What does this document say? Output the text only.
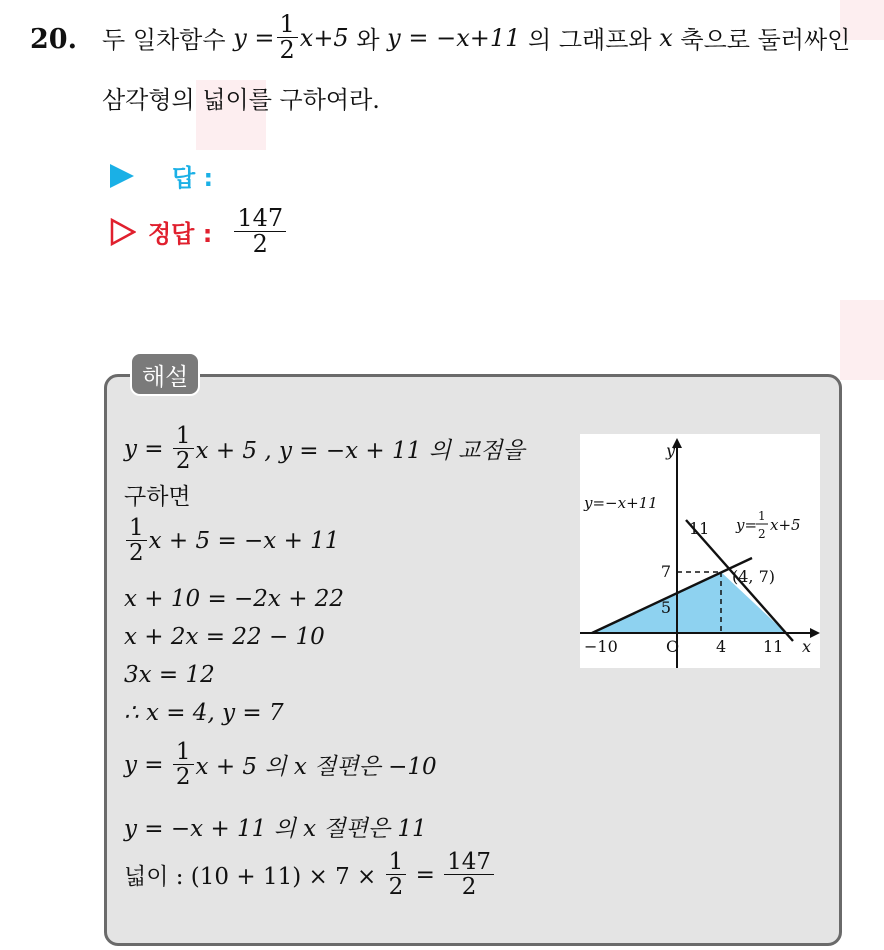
20. 두 일차함수
$y = \frac{1}{2} x+5$
와
y = −x+11
의 그래프와
x
축으로 둘러싸인
삼각형의 넓이를 구하여라.
답 :
정답 : $\frac{147}{2}$
해설
y =
$\frac{1}{2}$ x + 5 , y = −x + 11 의 교점을
구하면
$\frac{1}{2}$ x + 5 = −x + 11
x + 10 = −2x + 22
x + 2x = 22 − 10
3x = 12
∴ x = 4, y = 7
y =
$\frac{1}{2}$ x + 5 의 x 절편은 −10
y = −x + 11 의 x 절편은 11
넓이 : (10 + 11) × 7 ×
$\frac{1}{2}$
=
$\frac{147}{2}$
y
x
O
y=−x+11
y= 1
2 x+5
11
7
5
−10	4 11
(4, 7)
